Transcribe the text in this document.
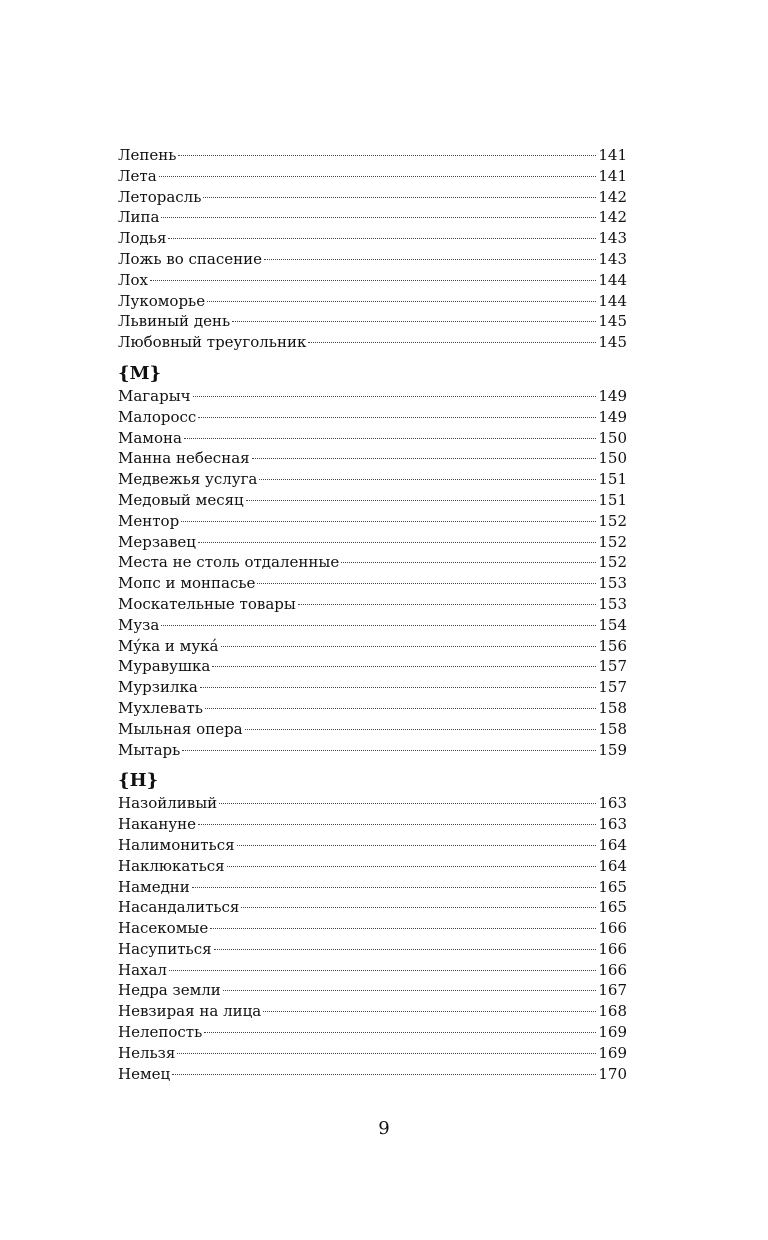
Лепень	141
Лета	141
Леторасль	142
Липа	142
Лодья	143
Ложь во спасение	143
Лох	144
Лукоморье	144
Львиный день	145
Любовный треугольник	145
{М}
Магарыч	149
Малоросс	149
Мамона	150
Манна небесная	150
Медвежья услуга	151
Медовый месяц	151
Ментор	152
Мерзавец	152
Места не столь отдаленные	152
Мопс и монпасье	153
Москательные товары	153
Муза	154
Мýка и мукá	156
Муравушка	157
Мурзилка	157
Мухлевать	158
Мыльная опера	158
Мытарь	159
{Н}
Назойливый	163
Накануне	163
Налимониться	164
Наклюкаться	164
Намедни	165
Насандалиться	165
Насекомые	166
Насупиться	166
Нахал	166
Недра земли	167
Невзирая на лица	168
Нелепость	169
Нельзя	169
Немец	170
9
